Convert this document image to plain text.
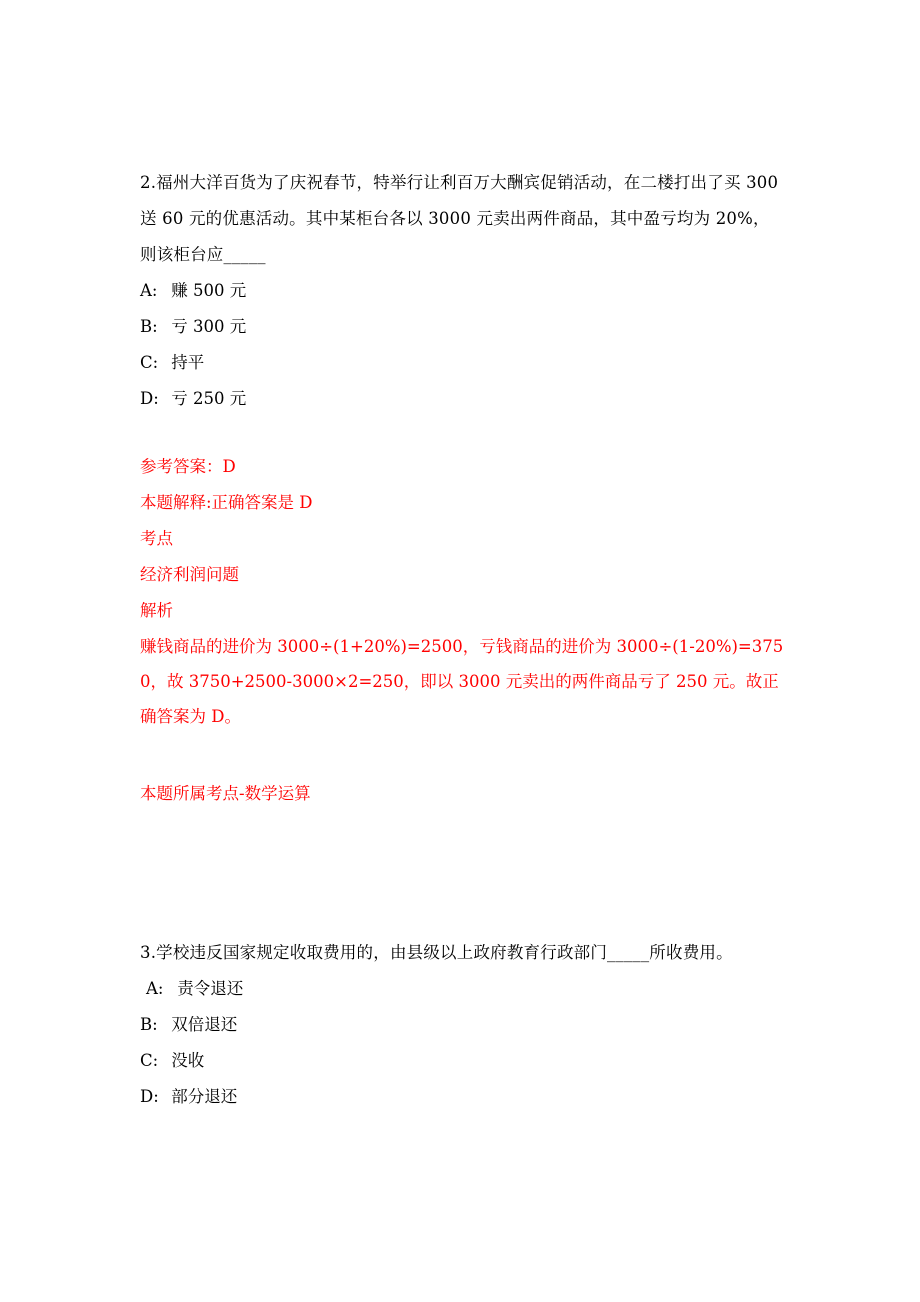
2.福州大洋百货为了庆祝春节，特举行让利百万大酬宾促销活动，在二楼打出了买 300 送 60 元的优惠活动。其中某柜台各以 3000 元卖出两件商品，其中盈亏均为 20%，则该柜台应_____

A: 赚 500 元

B: 亏 300 元

C: 持平

D: 亏 250 元

参考答案：D

本题解释:正确答案是 D

考点

经济利润问题

解析

赚钱商品的进价为 3000÷(1+20%)=2500，亏钱商品的进价为 3000÷(1-20%)=3750，故 3750+2500-3000×2=250，即以 3000 元卖出的两件商品亏了 250 元。故正确答案为 D。

本题所属考点-数学运算

3.学校违反国家规定收取费用的，由县级以上政府教育行政部门_____所收费用。

A: 责令退还

B: 双倍退还

C: 没收

D: 部分退还
